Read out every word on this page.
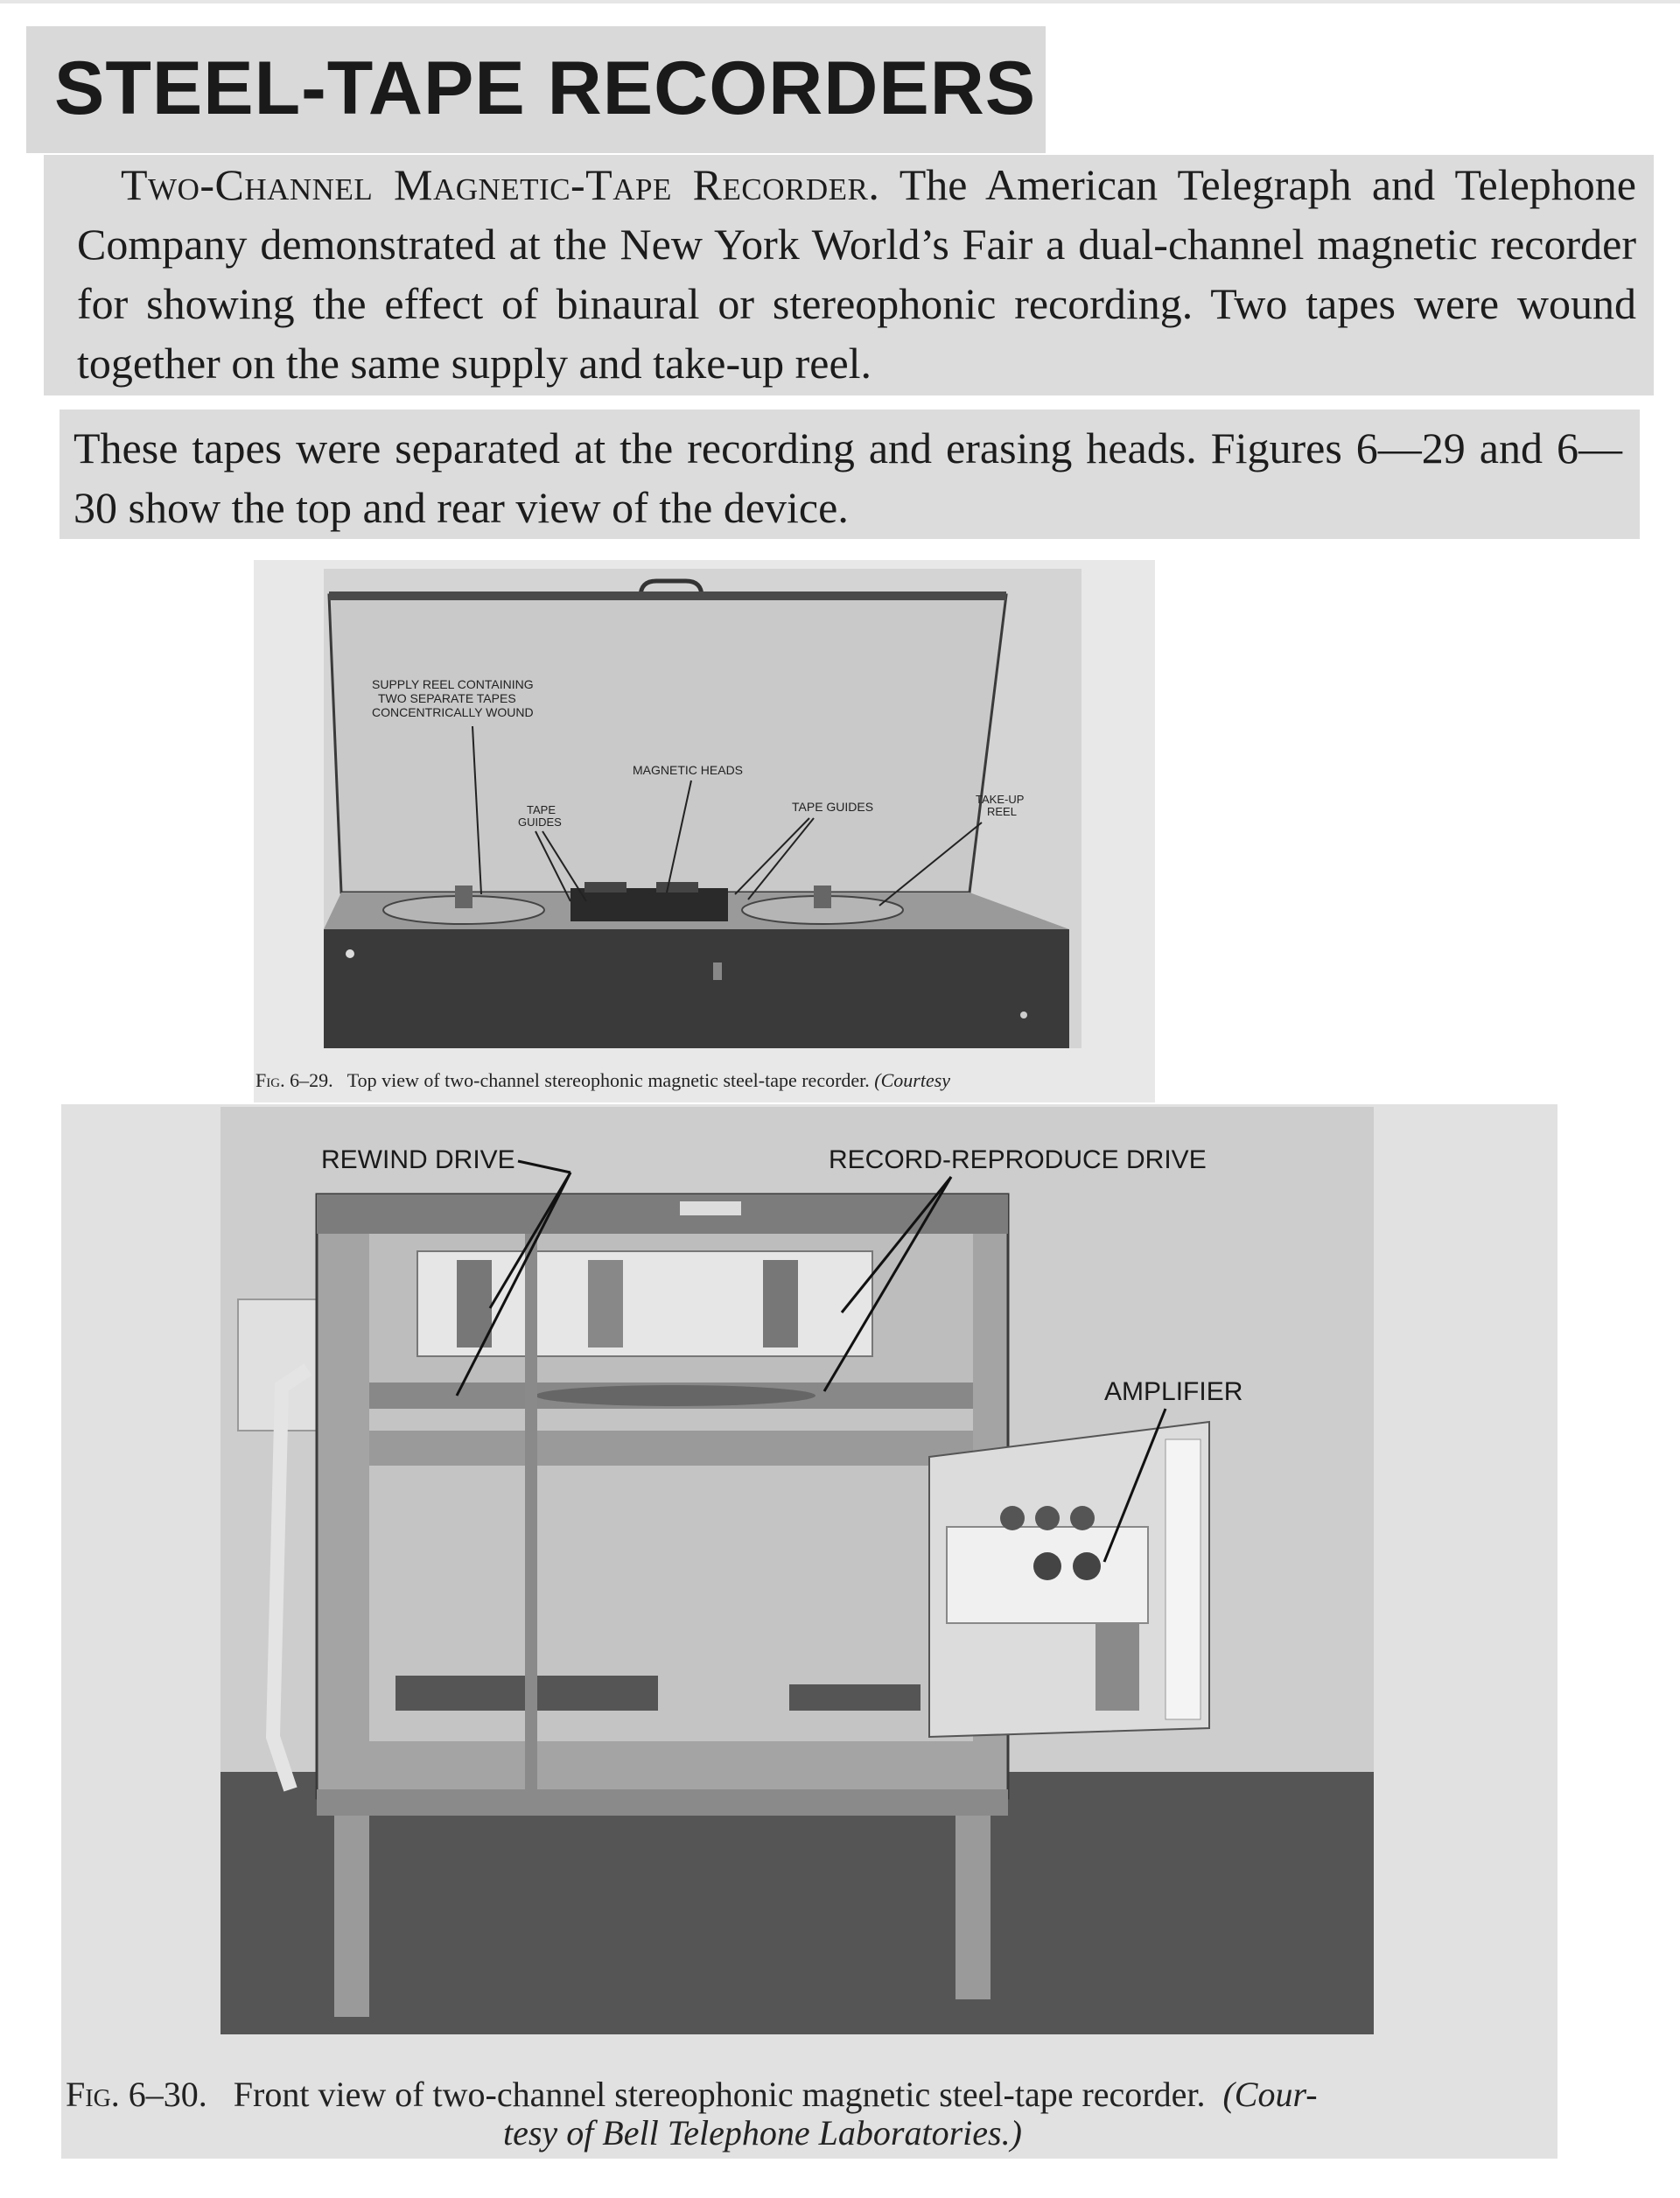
STEEL-TAPE RECORDERS

 Two-Channel Magnetic-Tape Recorder. The American Telegraph and Telephone Company demonstrated at the New York World’s Fair a dual-channel magnetic recorder for showing the effect of binaural or stereophonic recording. Two tapes were wound together on the same supply and take-up reel.

These tapes were separated at the recording and erasing heads. Figures 6—29 and 6—30 show the top and rear view of the device.

SUPPLY REEL CONTAINING
TWO SEPARATE TAPES
CONCENTRICALLY WOUND
MAGNETIC HEADS
TAPE
GUIDES
TAPE GUIDES
TAKE-UP
REEL
Fig. 6–29. Top view of two-channel stereophonic magnetic steel-tape recorder. (Courtesy
REWIND DRIVE	RECORD-REPRODUCE DRIVE
AMPLIFIER
Fig. 6–30. Front view of two-channel stereophonic magnetic steel-tape recorder. (Cour-
tesy of Bell Telephone Laboratories.)
